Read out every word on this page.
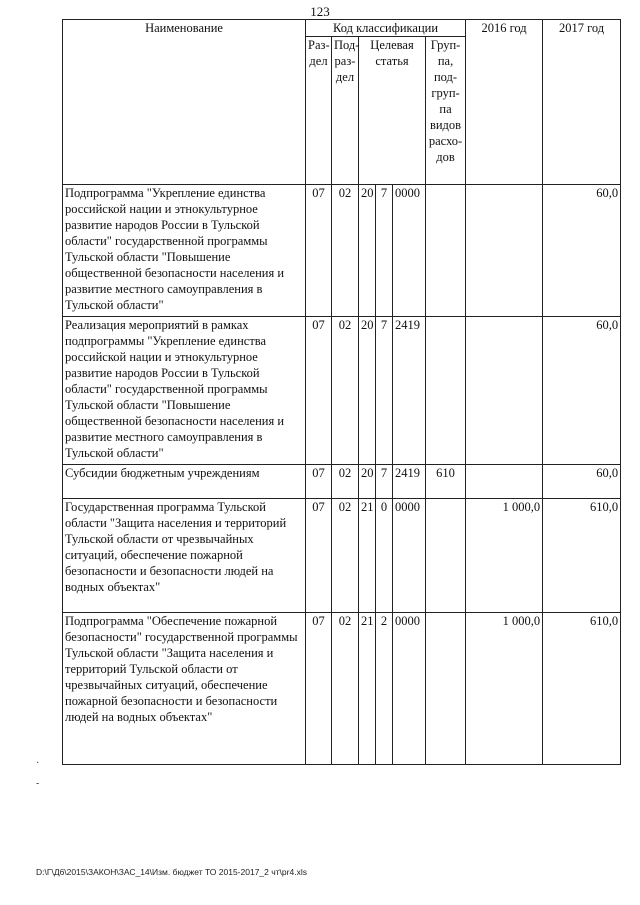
123
Наименование	Код классификации						2016 год	2017 год
	Раз-дел	Под-раз-дел	Целевая статья			Груп-па, под-груп-па видов расхо-дов		
Подпрограмма "Укрепление единства российской нации и этнокультурное развитие народов России в Тульской области" государственной программы Тульской области "Повышение общественной безопасности населения и развитие местного самоуправления в Тульской области"	07	02	20	7	0000			60,0
Реализация мероприятий в рамках подпрограммы "Укрепление единства российской нации и этнокультурное развитие народов России в Тульской области" государственной программы Тульской области "Повышение общественной безопасности населения и развитие местного самоуправления в Тульской области"	07	02	20	7	2419			60,0
Субсидии бюджетным учреждениям	07	02	20	7	2419	610		60,0
Государственная программа Тульской области "Защита населения и территорий Тульской области от чрезвычайных ситуаций, обеспечение пожарной безопасности и безопасности людей на водных объектах"	07	02	21	0	0000		1 000,0	610,0
Подпрограмма "Обеспечение пожарной безопасности" государственной программы Тульской области "Защита населения и территорий Тульской области от чрезвычайных ситуаций, обеспечение пожарной безопасности и безопасности людей на водных объектах"	07	02	21	2	0000		1 000,0	610,0
·
-
D:\Г\Д6\2015\ЗАКОН\ЗАС_14\Изм. бюджет ТО 2015-2017_2 чт\pr4.xls
